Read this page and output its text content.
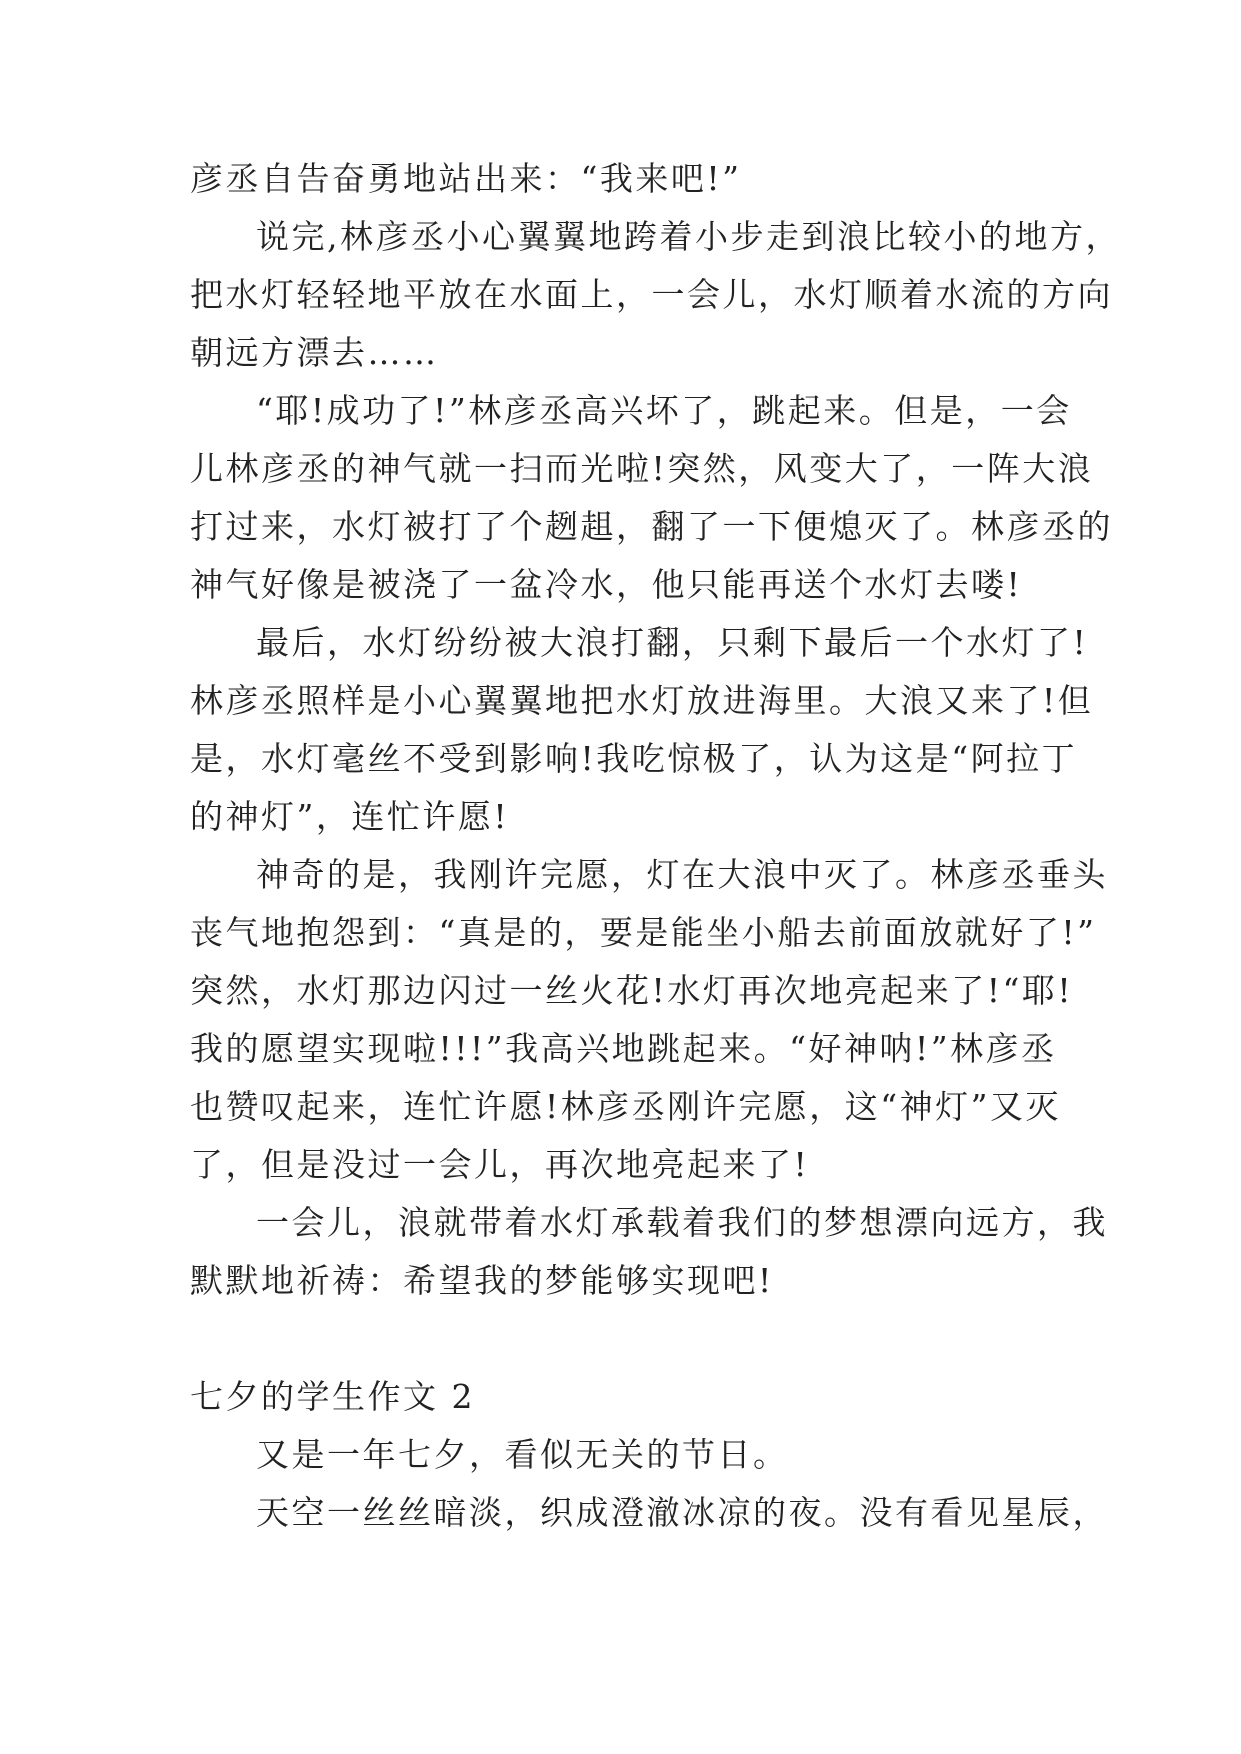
彦丞自告奋勇地站出来：“我来吧!”
说完,林彦丞小心翼翼地跨着小步走到浪比较小的地方，
把水灯轻轻地平放在水面上，一会儿，水灯顺着水流的方向
朝远方漂去……
“耶!成功了!”林彦丞高兴坏了，跳起来。但是，一会
儿林彦丞的神气就一扫而光啦!突然，风变大了，一阵大浪
打过来，水灯被打了个趔趄，翻了一下便熄灭了。林彦丞的
神气好像是被浇了一盆冷水，他只能再送个水灯去喽!
最后，水灯纷纷被大浪打翻，只剩下最后一个水灯了!
林彦丞照样是小心翼翼地把水灯放进海里。大浪又来了!但
是，水灯毫丝不受到影响!我吃惊极了，认为这是“阿拉丁
的神灯”，连忙许愿!
神奇的是，我刚许完愿，灯在大浪中灭了。林彦丞垂头
丧气地抱怨到：“真是的，要是能坐小船去前面放就好了!”
突然，水灯那边闪过一丝火花!水灯再次地亮起来了!“耶!
我的愿望实现啦!!!”我高兴地跳起来。“好神呐!”林彦丞
也赞叹起来，连忙许愿!林彦丞刚许完愿，这“神灯”又灭
了，但是没过一会儿，再次地亮起来了!
一会儿，浪就带着水灯承载着我们的梦想漂向远方，我
默默地祈祷：希望我的梦能够实现吧!
七夕的学生作文 2
又是一年七夕，看似无关的节日。
天空一丝丝暗淡，织成澄澈冰凉的夜。没有看见星辰，
